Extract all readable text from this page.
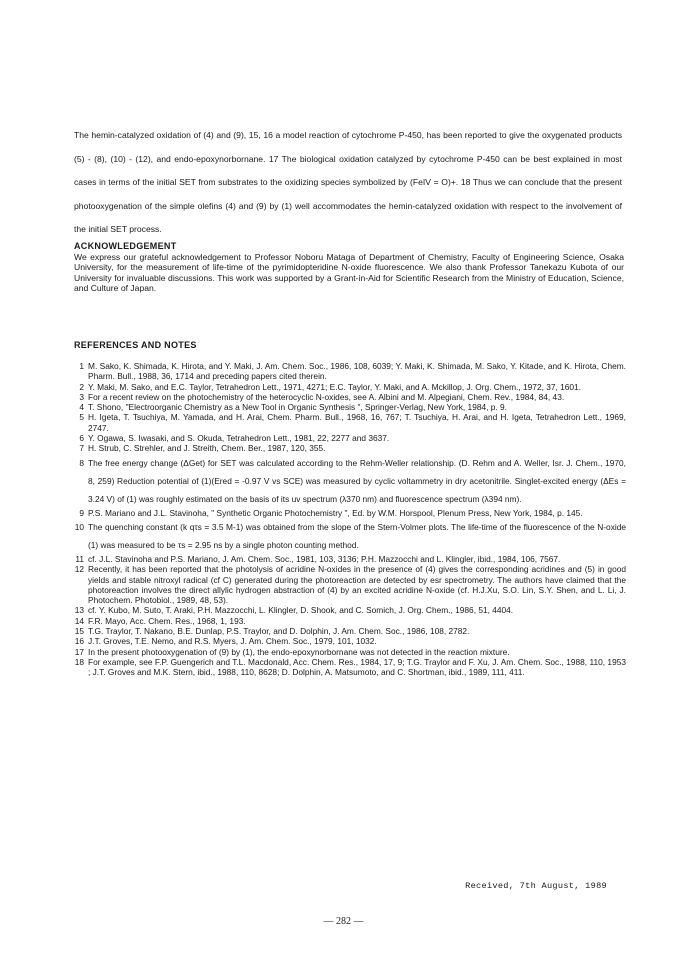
The hemin-catalyzed oxidation of (4) and (9), 15, 16 a model reaction of cytochrome P-450, has been reported to give the oxygenated products (5) - (8), (10) - (12), and endo-epoxynorbornane. 17 The biological oxidation catalyzed by cytochrome P-450 can be best explained in most cases in terms of the initial SET from substrates to the oxidizing species symbolized by (FeIV = O)+. 18 Thus we can conclude that the present photooxygenation of the simple olefins (4) and (9) by (1) well accommodates the hemin-catalyzed oxidation with respect to the involvement of the initial SET process.

ACKNOWLEDGEMENT

We express our grateful acknowledgement to Professor Noboru Mataga of Department of Chemistry, Faculty of Engineering Science, Osaka University, for the measurement of life-time of the pyrimidopteridine N-oxide fluorescence. We also thank Professor Tanekazu Kubota of our University for invaluable discussions. This work was supported by a Grant-in-Aid for Scientific Research from the Ministry of Education, Science, and Culture of Japan.

REFERENCES AND NOTES
1 M. Sako, K. Shimada, K. Hirota, and Y. Maki, J. Am. Chem. Soc., 1986, 108, 6039; Y. Maki, K. Shimada, M. Sako, Y. Kitade, and K. Hirota, Chem. Pharm. Bull., 1988, 36, 1714 and preceding papers cited therein.
2 Y. Maki, M. Sako, and E.C. Taylor, Tetrahedron Lett., 1971, 4271; E.C. Taylor, Y. Maki, and A. Mckillop, J. Org. Chem., 1972, 37, 1601.
3 For a recent review on the photochemistry of the heterocyclic N-oxides, see A. Albini and M. Alpegiani, Chem. Rev., 1984, 84, 43.
4 T. Shono, "Electroorganic Chemistry as a New Tool in Organic Synthesis ", Springer-Verlag, New York, 1984, p. 9.
5 H. Igeta, T. Tsuchiya, M. Yamada, and H. Arai, Chem. Pharm. Bull., 1968, 16, 767; T. Tsuchiya, H. Arai, and H. Igeta, Tetrahedron Lett., 1969, 2747.
6 Y. Ogawa, S. Iwasaki, and S. Okuda, Tetrahedron Lett., 1981, 22, 2277 and 3637.
7 H. Strub, C. Strehler, and J. Streith, Chem. Ber., 1987, 120, 355.
8 The free energy change (ΔGet) for SET was calculated according to the Rehm-Weller relationship. (D. Rehm and A. Weller, Isr. J. Chem., 1970, 8, 259) Reduction potential of (1)(Ered = -0.97 V vs SCE) was measured by cyclic voltammetry in dry acetonitrile. Singlet-excited energy (ΔEs = 3.24 V) of (1) was roughly estimated on the basis of its uv spectrum (λ370 nm) and fluorescence spectrum (λ394 nm).
9 P.S. Mariano and J.L. Stavinoha, " Synthetic Organic Photochemistry ", Ed. by W.M. Horspool, Plenum Press, New York, 1984, p. 145.
10 The quenching constant (k qτs = 3.5 M-1) was obtained from the slope of the Stern-Volmer plots. The life-time of the fluorescence of the N-oxide (1) was measured to be τs = 2.95 ns by a single photon counting method.
11 cf. J.L. Stavinoha and P.S. Mariano, J. Am. Chem. Soc., 1981, 103, 3136; P.H. Mazzocchi and L. Klingler, ibid., 1984, 106, 7567.
12 Recently, it has been reported that the photolysis of acridine N-oxides in the presence of (4) gives the corresponding acridines and (5) in good yields and stable nitroxyl radical (cf C) generated during the photoreaction are detected by esr spectrometry. The authors have claimed that the photoreaction involves the direct allylic hydrogen abstraction of (4) by an excited acridine N-oxide (cf. H.J.Xu, S.O. Lin, S.Y. Shen, and L. Li, J. Photochem. Photobiol., 1989, 48, 53).
13 cf. Y. Kubo, M. Suto, T. Araki, P.H. Mazzocchi, L. Klingler, D. Shook, and C. Somich, J. Org. Chem., 1986, 51, 4404.
14 F.R. Mayo, Acc. Chem. Res., 1968, 1, 193.
15 T.G. Traylor, T. Nakano, B.E. Dunlap, P.S. Traylor, and D. Dolphin, J. Am. Chem. Soc., 1986, 108, 2782.
16 J.T. Groves, T.E. Nemo, and R.S. Myers, J. Am. Chem. Soc., 1979, 101, 1032.
17 In the present photooxygenation of (9) by (1), the endo-epoxynorbornane was not detected in the reaction mixture.
18 For example, see F.P. Guengerich and T.L. Macdonald, Acc. Chem. Res., 1984, 17, 9; T.G. Traylor and F. Xu, J. Am. Chem. Soc., 1988, 110, 1953 ; J.T. Groves and M.K. Stern, ibid., 1988, 110, 8628; D. Dolphin, A. Matsumoto, and C. Shortman, ibid., 1989, 111, 411.
Received, 7th August, 1989
— 282 —
